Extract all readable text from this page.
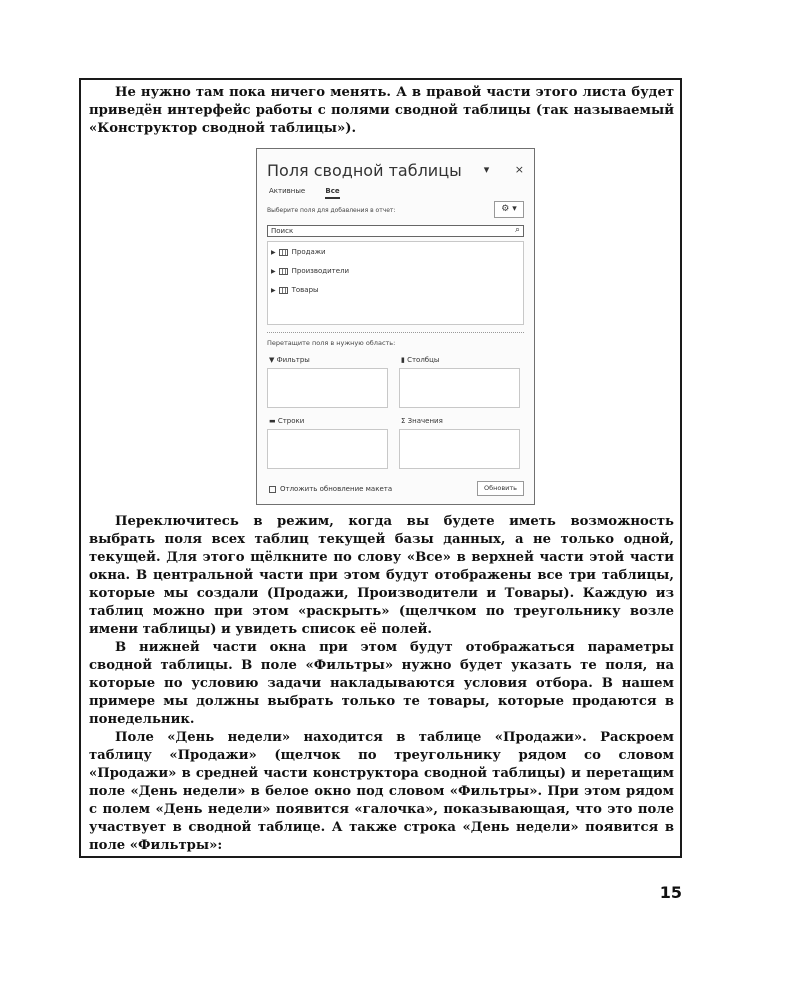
Не нужно там пока ничего менять. А в правой части этого листа будет приведён интерфейс работы с полями сводной таблицы (так называемый «Конструктор сводной таблицы»).

Поля сводной таблицы	▾ ×
Активные	Все
Выберите поля для добавления в отчет:	⚙ ▾
Поиск	⌕
▶ Продажи
▶ Производители
▶ Товары
Перетащите поля в нужную область:
▼ Фильтры	▮ Столбцы
▬ Строки	Σ Значения
Отложить обновление макета	Обновить

Переключитесь в режим, когда вы будете иметь возможность выбрать поля всех таблиц текущей базы данных, а не только одной, текущей. Для этого щёлкните по слову «Все» в верхней части этой части окна. В центральной части при этом будут отображены все три таблицы, которые мы создали (Продажи, Производители и Товары). Каждую из таблиц можно при этом «раскрыть» (щелчком по треугольнику возле имени таблицы) и увидеть список её полей.

В нижней части окна при этом будут отображаться параметры сводной таблицы. В поле «Фильтры» нужно будет указать те поля, на которые по условию задачи накладываются условия отбора. В нашем примере мы должны выбрать только те товары, которые продаются в понедельник.

Поле «День недели» находится в таблице «Продажи». Раскроем таблицу «Продажи» (щелчок по треугольнику рядом со словом «Продажи» в средней части конструктора сводной таблицы) и перетащим поле «День недели» в белое окно под словом «Фильтры». При этом рядом с полем «День недели» появится «галочка», показывающая, что это поле участвует в сводной таблице. А также строка «День недели» появится в поле «Фильтры»:

15
